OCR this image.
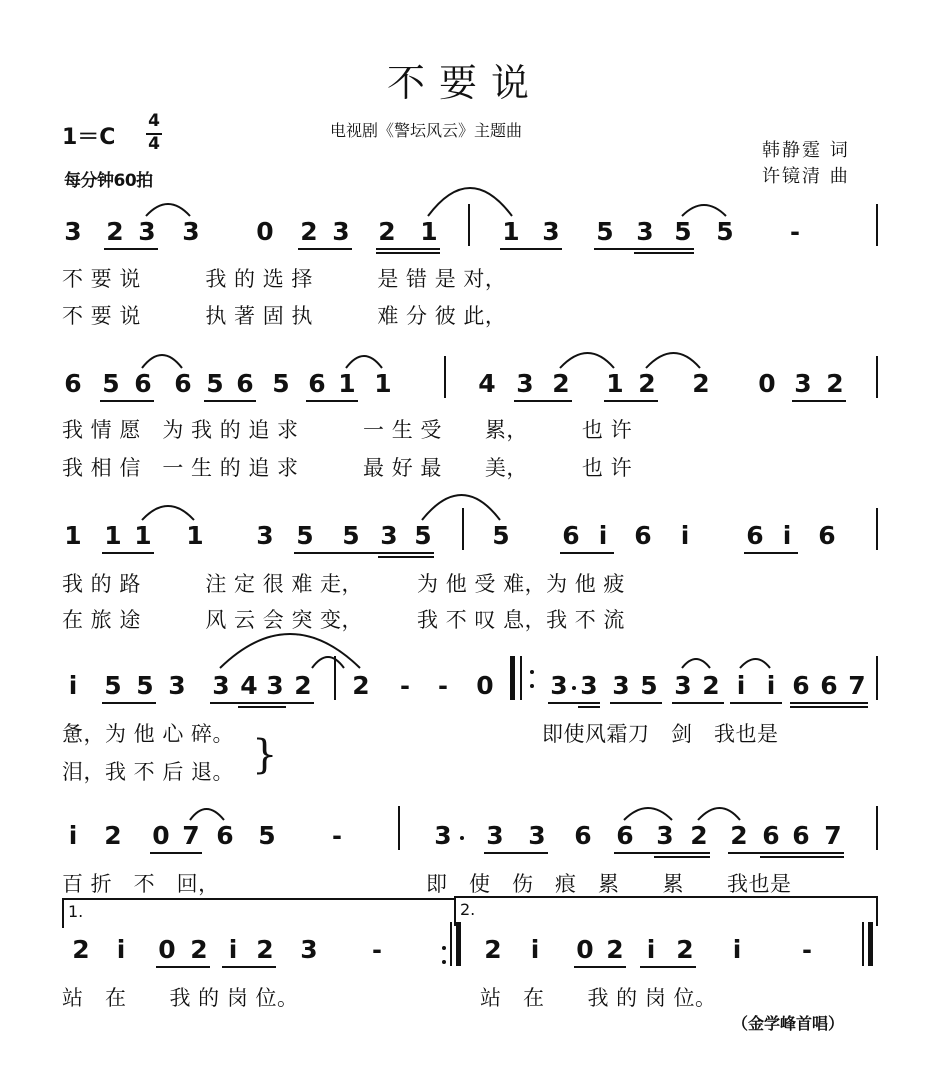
不要说
电视剧《警坛风云》主题曲
1＝C
4
4
每分钟60拍
韩静霆 词
许镜清 曲
3 2 3 3 0 2 3 2 1	1 3 5 3 5 5 -
不 要 说　　　我 的 选 择　　　是 错 是 对，
不 要 说　　　执 著 固 执　　　难 分 彼 此，
6 5 6 6 5 6 5 6 1 1	4 3 2 1 2 2 0 3 2
我 情 愿　为 我 的 追 求　　　一 生 受　　累，　　　也 许
我 相 信　一 生 的 追 求　　　最 好 最　　美，　　　也 许
1 1 1 1 3 5 5 3 5 5 6 i 6 i 6 i 6
我 的 路　　　注 定 很 难 走，　　　为 他 受 难，为 他 疲
在 旅 途　　　风 云 会 突 变，　　　我 不 叹 息，我 不 流
i 5 5 3 3 4 3 2 2 - - 0 3 3 3 5 3 2 i i 6 6 7
惫，为 他 心 碎。	即使风霜刀　剑　我也是
泪，我 不 后 退。 }
i 2 0 7 6 5 -	3 3 3 6 6 3 2 2 6 6 7
百 折　不　回，	即　使　伤　痕　累　　累　　我也是
1.	2.
2 i 0 2 i 2 3 -	2 i 0 2 i 2 i	-
站　在　　我 的 岗 位。	站　在　　我 的 岗 位。
（金学峰首唱）
